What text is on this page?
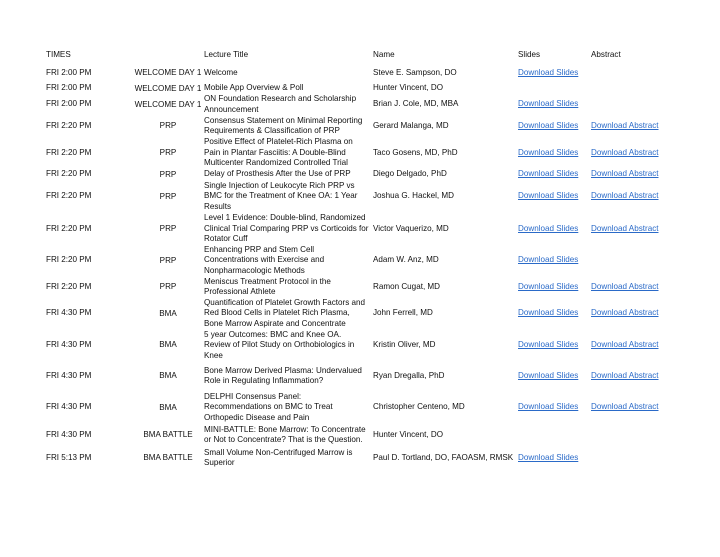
TIMES		Lecture Title	Name	Slides	Abstract
FRI 2:00 PM	WELCOME DAY 1	Welcome	Steve E. Sampson, DO	Download Slides	
FRI 2:00 PM	WELCOME DAY 1	Mobile App Overview & Poll	Hunter Vincent, DO		
FRI 2:00 PM	WELCOME DAY 1	ON Foundation Research and Scholarship Announcement	Brian J. Cole, MD, MBA	Download Slides	
FRI 2:20 PM	PRP	Consensus Statement on Minimal Reporting Requirements & Classification of PRP	Gerard Malanga, MD	Download Slides	Download Abstract
FRI 2:20 PM	PRP	Positive Effect of Platelet-Rich Plasma on Pain in Plantar Fasciitis: A Double-Blind Multicenter Randomized Controlled Trial	Taco Gosens, MD, PhD	Download Slides	Download Abstract
FRI 2:20 PM	PRP	Delay of Prosthesis After the Use of PRP	Diego Delgado, PhD	Download Slides	Download Abstract
FRI 2:20 PM	PRP	Single Injection of Leukocyte Rich PRP vs BMC for the Treatment of Knee OA: 1 Year Results	Joshua G. Hackel, MD	Download Slides	Download Abstract
FRI 2:20 PM	PRP	Level 1 Evidence: Double-blind, Randomized Clinical Trial Comparing PRP vs Corticoids for Rotator Cuff	Victor Vaquerizo, MD	Download Slides	Download Abstract
FRI 2:20 PM	PRP	Enhancing PRP and Stem Cell Concentrations with Exercise and Nonpharmacologic Methods	Adam W. Anz, MD	Download Slides	
FRI 2:20 PM	PRP	Meniscus Treatment Protocol in the Professional Athlete	Ramon Cugat, MD	Download Slides	Download Abstract
FRI 4:30 PM	BMA	Quantification of Platelet Growth Factors and Red Blood Cells in Platelet Rich Plasma, Bone Marrow Aspirate and Concentrate	John Ferrell, MD	Download Slides	Download Abstract
FRI 4:30 PM	BMA	5 year Outcomes: BMC and Knee OA. Review of Pilot Study on Orthobiologics in Knee	Kristin Oliver, MD	Download Slides	Download Abstract
FRI 4:30 PM	BMA	Bone Marrow Derived Plasma: Undervalued Role in Regulating Inflammation?	Ryan Dregalla, PhD	Download Slides	Download Abstract
FRI 4:30 PM	BMA	DELPHI Consensus Panel: Recommendations on BMC to Treat Orthopedic Disease and Pain	Christopher Centeno, MD	Download Slides	Download Abstract
FRI 4:30 PM	BMA BATTLE	MINI-BATTLE: Bone Marrow: To Concentrate or Not to Concentrate? That is the Question.	Hunter Vincent, DO		
FRI 5:13 PM	BMA BATTLE	Small Volume Non-Centrifuged Marrow is Superior	Paul D. Tortland, DO, FAOASM, RMSK	Download Slides	
